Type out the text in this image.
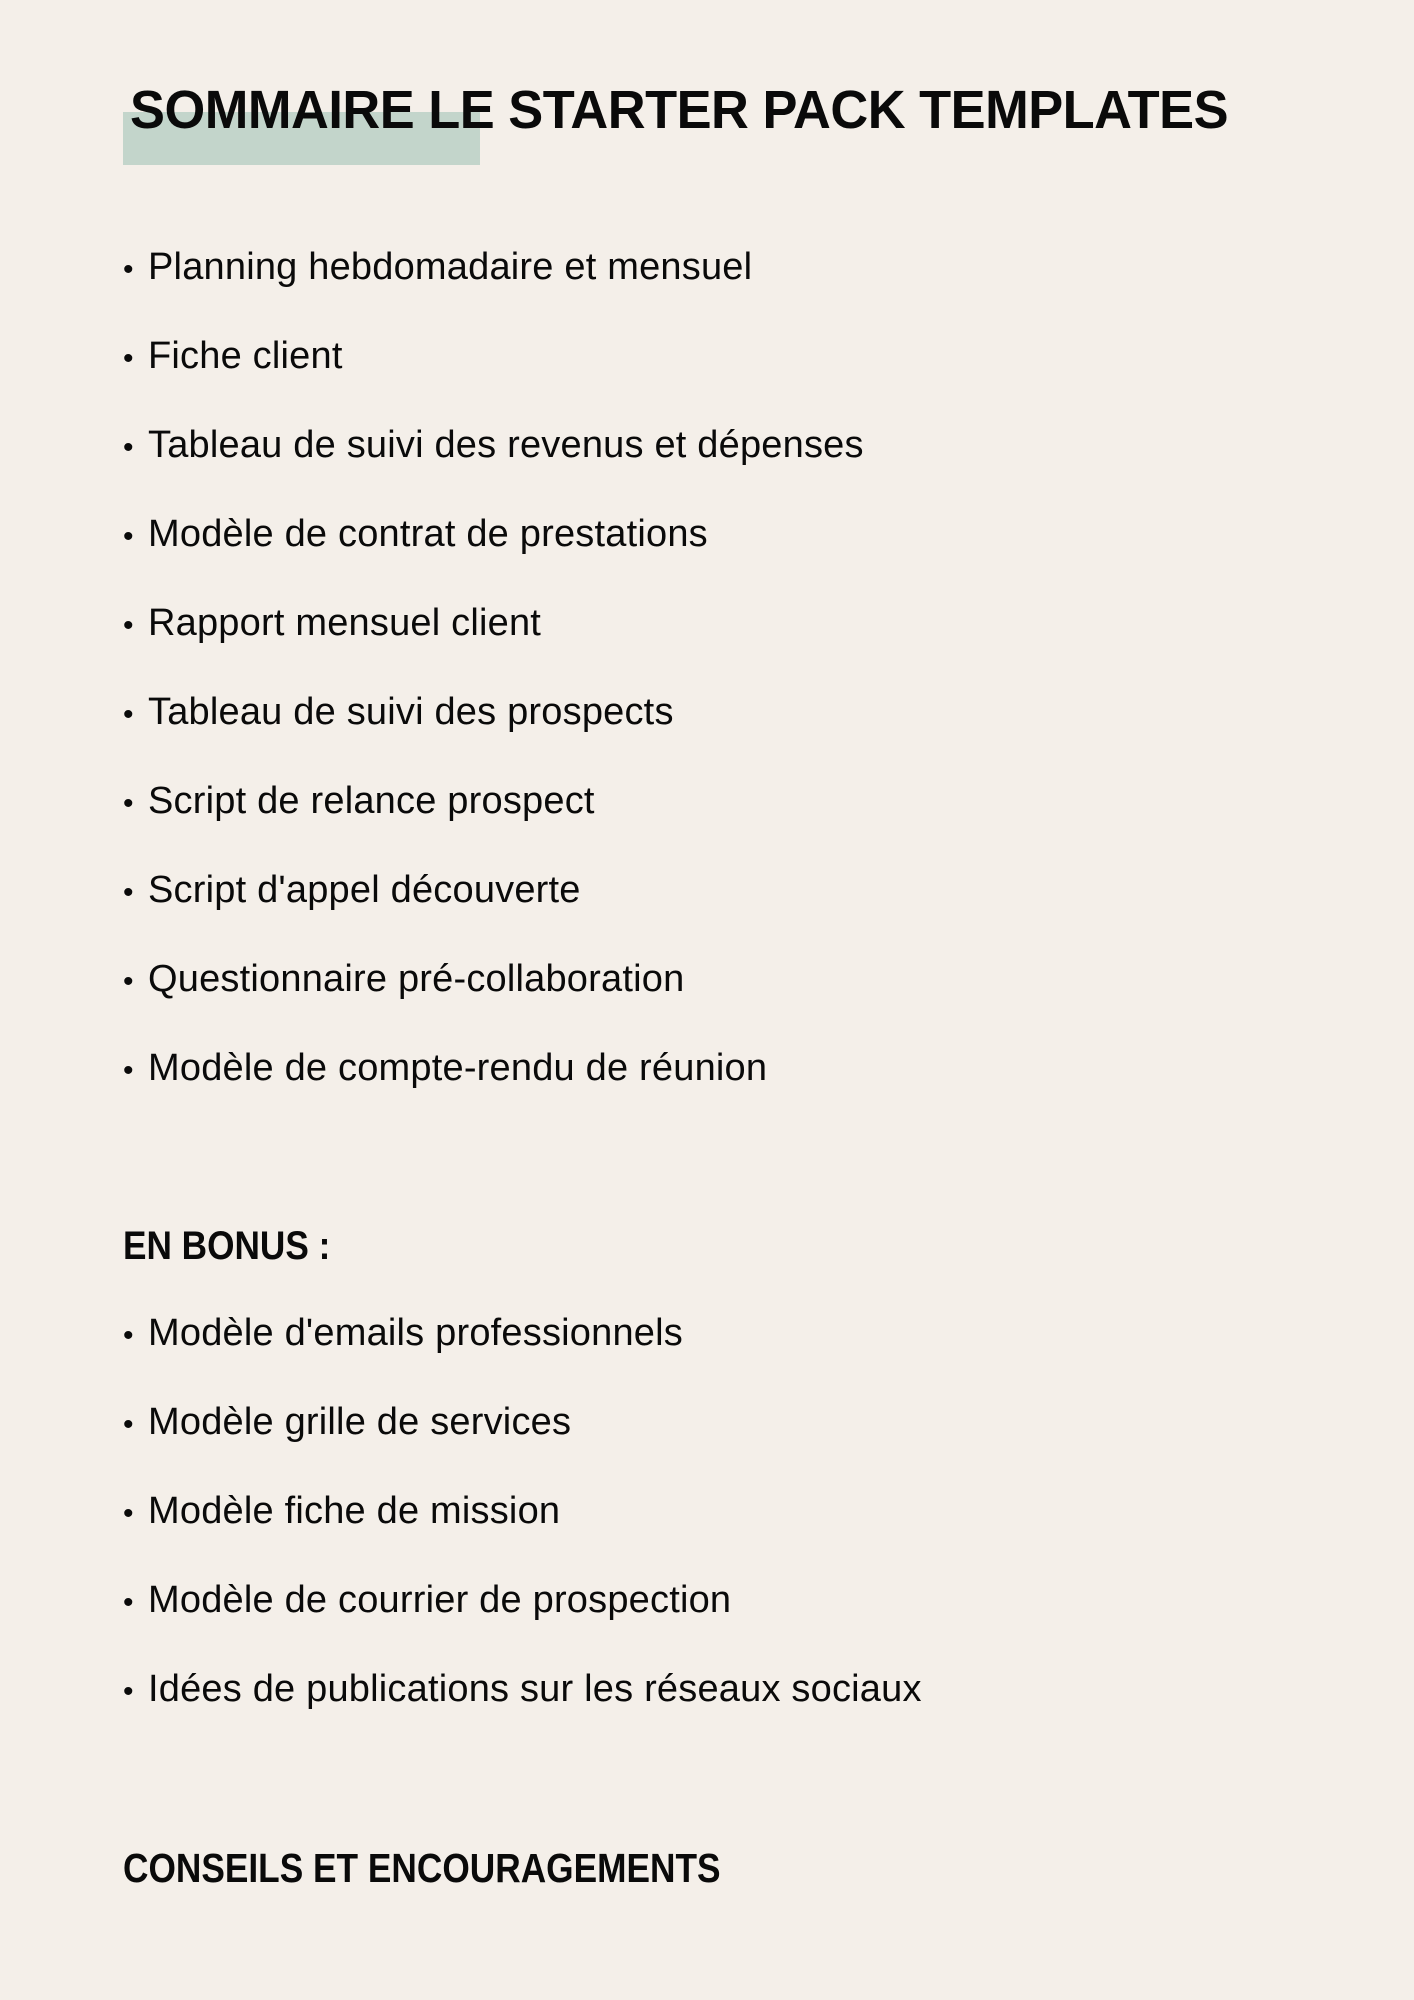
SOMMAIRE LE STARTER PACK TEMPLATES
• Planning hebdomadaire et mensuel
• Fiche client
• Tableau de suivi des revenus et dépenses
• Modèle de contrat de prestations
• Rapport mensuel client
• Tableau de suivi des prospects
• Script de relance prospect
• Script d'appel découverte
• Questionnaire pré-collaboration
• Modèle de compte-rendu de réunion
EN BONUS :
• Modèle d'emails professionnels
• Modèle grille de services
• Modèle fiche de mission
• Modèle de courrier de prospection
• Idées de publications sur les réseaux sociaux
CONSEILS ET ENCOURAGEMENTS
